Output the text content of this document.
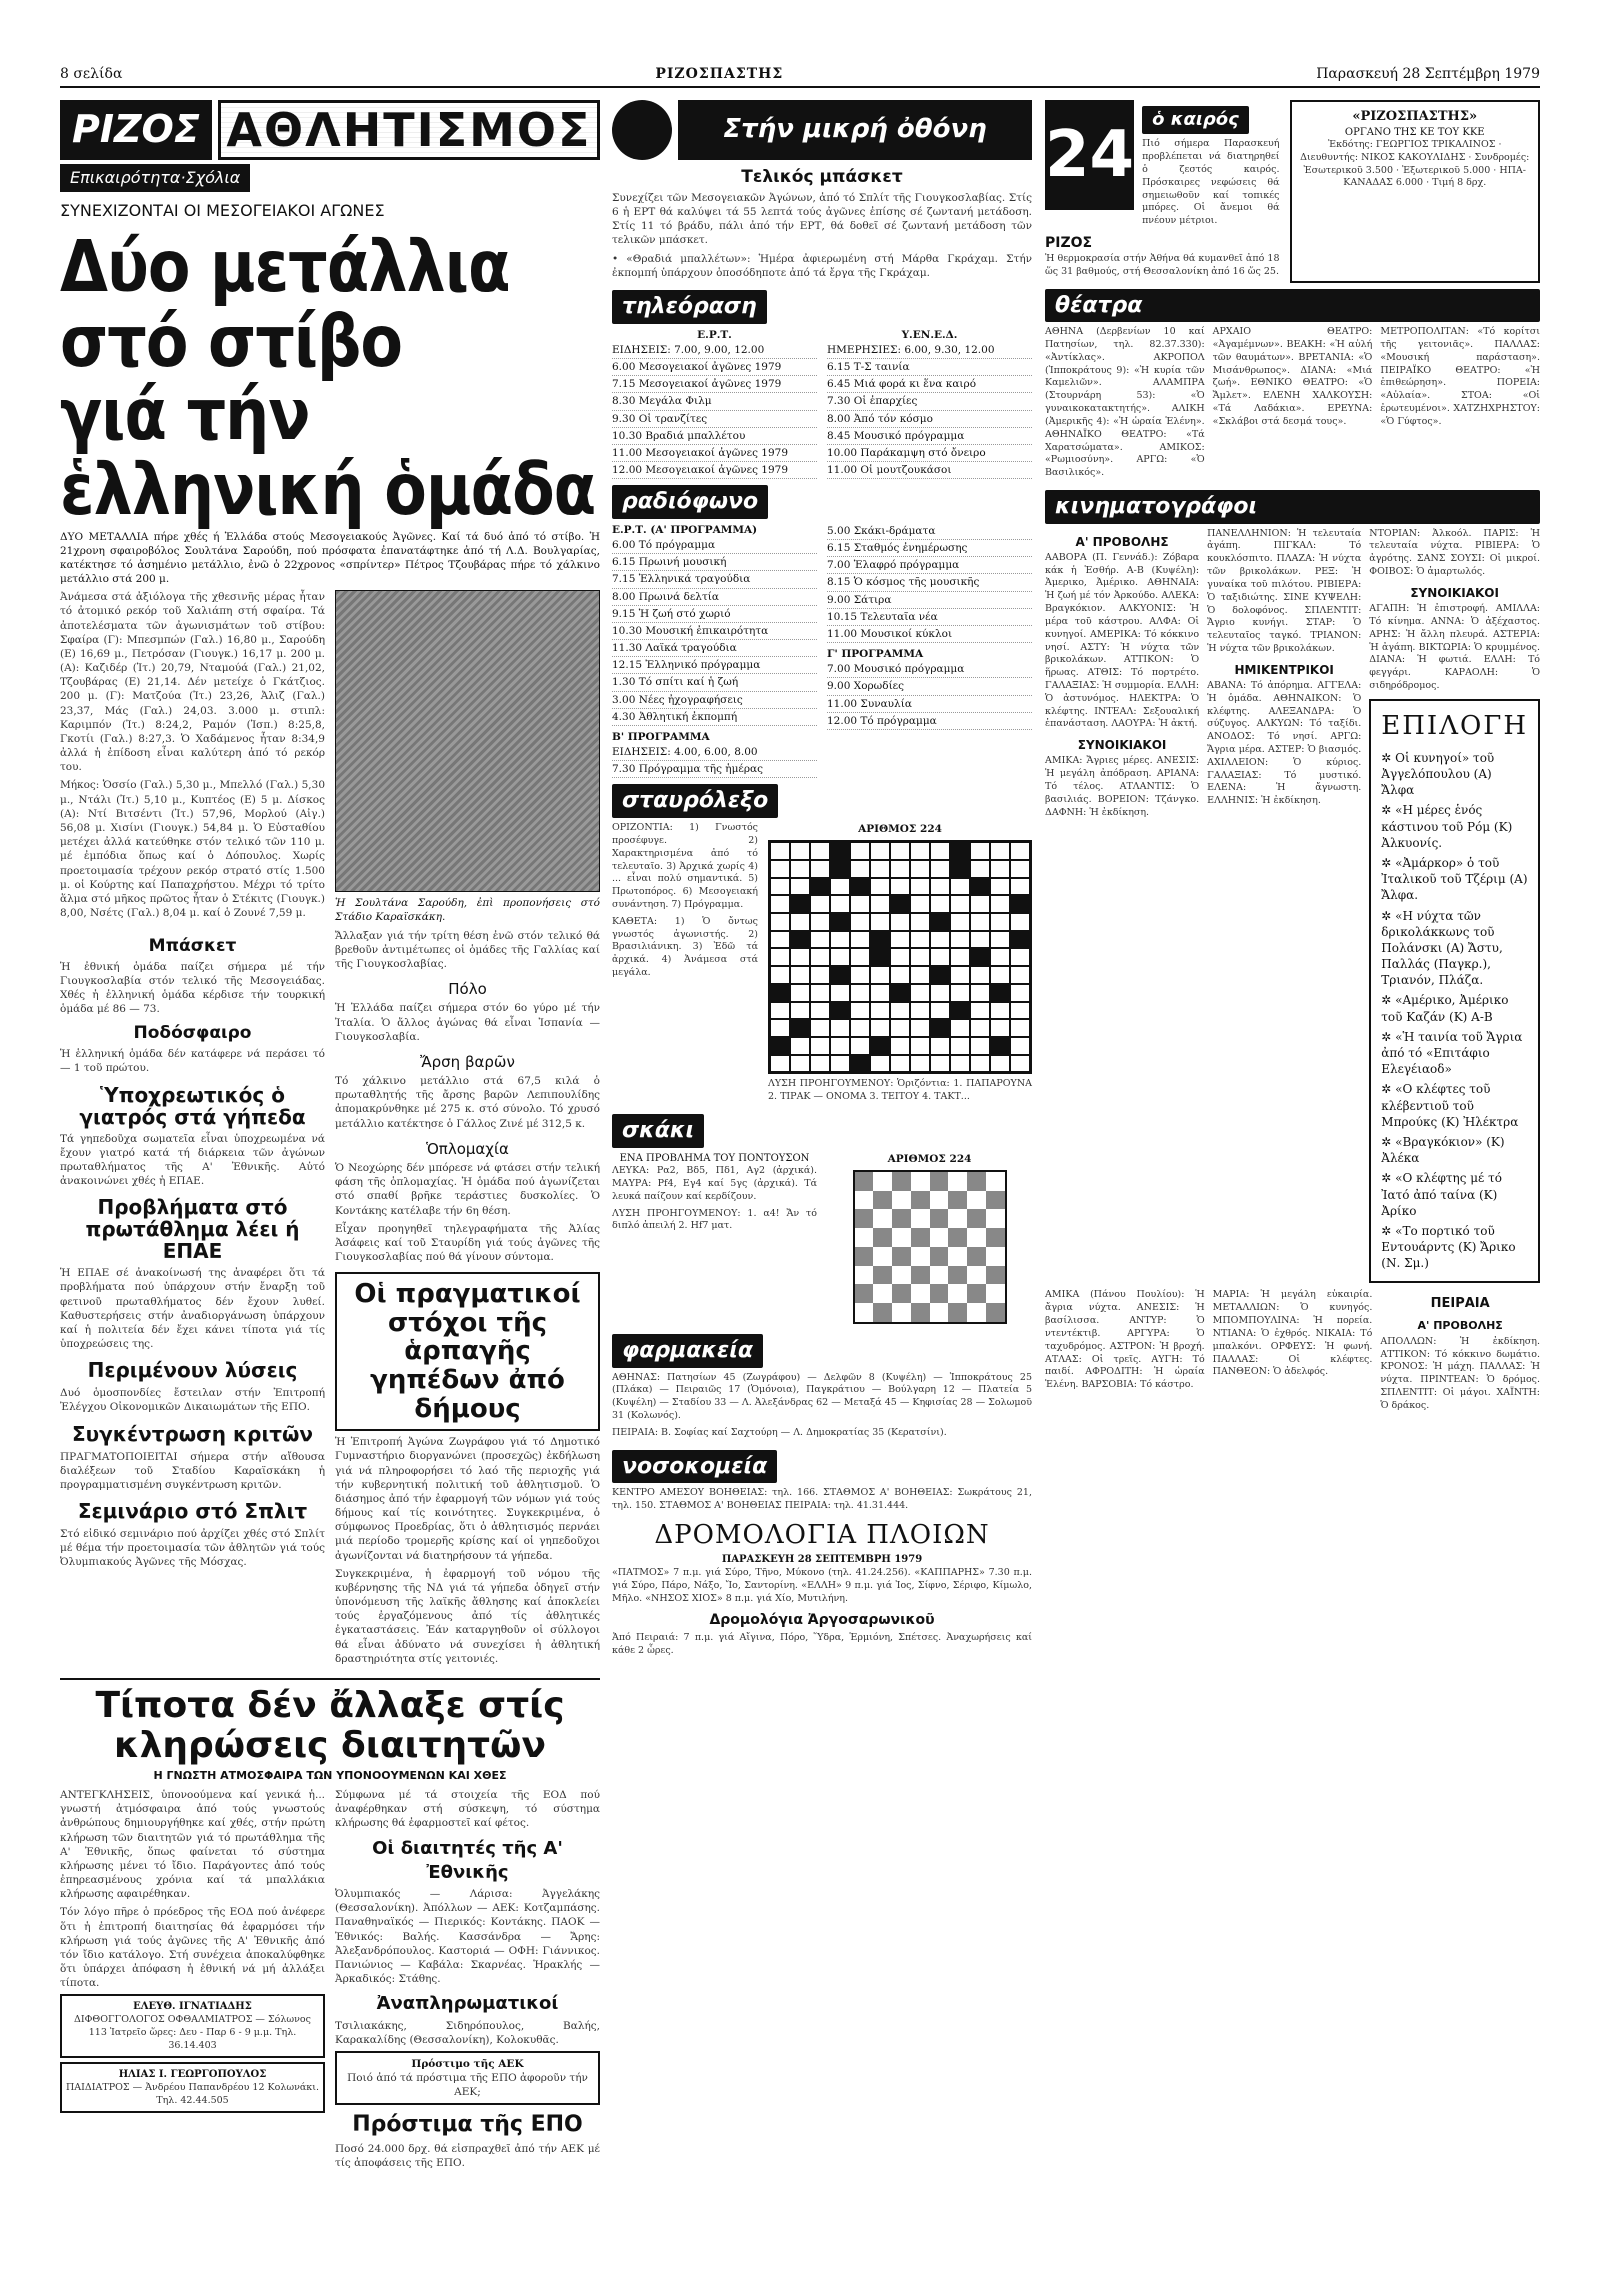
8 σελίδα	ΡΙΖΟΣΠΑΣΤΗΣ	Παρασκευή 28 Σεπτέμβρη 1979
ΡΙΖΟΣ ΑΘΛΗΤΙΣΜΟΣ
Επικαιρότητα·Σχόλια
ΣΥΝΕΧΙΖΟΝΤΑΙ ΟΙ ΜΕΣΟΓΕΙΑΚΟΙ ΑΓΩΝΕΣ
Δύο μετάλλια στό στίβο
γιά τήν ἑλληνική ὁμάδα

ΔΥΟ ΜΕΤΑΛΛΙΑ πήρε χθές ή Ἑλλάδα στούς Μεσογειακούς Ἀγῶνες. Καί τά δυό ἀπό τό στίβο. Ἡ 21χρονη σφαιροβόλος Σουλτάνα Σαρούδη, πού πρόσφατα ἐπανατάφτηκε ἀπό τή Λ.Δ. Βουλγαρίας, κατέκτησε τό ἀσημένιο μετάλλιο, ἐνῶ ὁ 22χρονος «σπρίντερ» Πέτρος Τζουβάρας πήρε τό χάλκινο μετάλλιο στά 200 μ.

Ἀνάμεσα στά ἀξιόλογα τῆς χθεσινῆς μέρας ἦταν τό ἀτομικό ρεκόρ τοῦ Χαλιάπη στή σφαίρα. Τά ἀποτελέσματα τῶν ἀγωνισμάτων τοῦ στίβου: Σφαίρα (Γ): Μπεσμπών (Γαλ.) 16,80 μ., Σαρούδη (Ε) 16,69 μ., Πετρόσαν (Γιουγκ.) 16,17 μ. 200 μ. (Α): Καζιδέρ (Ἰτ.) 20,79, Νταμούά (Γαλ.) 21,02, Τζουβάρας (Ε) 21,14. Δέν μετείχε ὁ Γκάτζιος. 200 μ. (Γ): Ματζούα (Ἰτ.) 23,26, Ἀλιζ (Γαλ.) 23,37, Μάς (Γαλ.) 24,03. 3.000 μ. στιπλ: Καριμπόν (Ἰτ.) 8:24,2, Ραμόν (Ἰσπ.) 8:25,8, Γκοτίι (Γαλ.) 8:27,3. Ὁ Χαδάμενος ἦταν 8:34,9 ἀλλά ἡ ἐπίδοση εἶναι καλύτερη ἀπό τό ρεκόρ του.

Μήκος: Ὁσσίο (Γαλ.) 5,30 μ., Μπελλό (Γαλ.) 5,30 μ., Ντάλι (Ἰτ.) 5,10 μ., Κυπτέος (Ε) 5 μ. Δίσκος (Α): Ντί Βιτσέντι (Ἰτ.) 57,96, Μορλού (Αἰγ.) 56,08 μ. Χισίνι (Γιουγκ.) 54,84 μ. Ὁ Εὐσταθίου μετέχει ἀλλά κατεύθηκε στόν τελικό τῶν 110 μ. μέ ἐμπόδια ὅπως καί ὁ Δόπουλος. Χωρίς προετοιμασία τρέχουν ρεκόρ στρατό στίς 1.500 μ. οἱ Κούρτης καί Παπαχρήστου. Μέχρι τό τρίτο ἅλμα στό μῆκος πρῶτος ἦταν ὁ Στέκιτς (Γιουγκ.) 8,00, Νσέτς (Γαλ.) 8,04 μ. καί ὁ Ζουνέ 7,59 μ.

Ἡ Σουλτάνα Σαρούδη, ἐπὶ προπονήσεις στό Στάδιο Καραϊσκάκη.

Μπάσκετ

Ἡ ἐθνική ὁμάδα παίζει σήμερα μέ τήν Γιουγκοσλαβία στόν τελικό τῆς Μεσογειάδας. Χθές ἡ ἑλληνική ὁμάδα κέρδισε τήν τουρκική ὁμάδα μέ 86 — 73.

Ποδόσφαιρο

Ἡ ἑλληνική ὁμάδα δέν κατάφερε νά περάσει τό — 1 τοῦ πρώτου.

Ὑποχρεωτικός ὁ γιατρός στά γήπεδα

Τά γηπεδοῦχα σωματεῖα εἶναι ὑποχρεωμένα νά ἔχουν γιατρό κατά τή διάρκεια τῶν ἀγώνων πρωταθλήματος τῆς Α' Ἐθνικῆς. Αὐτό ἀνακοινώνει χθές ἡ ΕΠΑΕ.

Προβλήματα στό πρωτάθλημα λέει ή ΕΠΑΕ

Ἡ ΕΠΑΕ σέ ἀνακοίνωσή της ἀναφέρει ὅτι τά προβλήματα πού ὑπάρχουν στήν ἔναρξη τοῦ φετινοῦ πρωταθλήματος δέν ἔχουν λυθεί. Καθυστερήσεις στήν ἀναδιοργάνωση ὑπάρχουν καί ἡ πολιτεία δέν ἔχει κάνει τίποτα γιά τίς ὑποχρεώσεις της.

Περιμένουν λύσεις

Δυό ὁμοσπονδίες ἔστειλαν στήν Ἐπιτροπή Ἐλέγχου Οἰκονομικῶν Δικαιωμάτων τῆς ΕΠΟ.

Συγκέντρωση κριτῶν

ΠΡΑΓΜΑΤΟΠΟΙΕΙΤΑΙ σήμερα στήν αἴθουσα διαλέξεων τοῦ Σταδίου Καραϊσκάκη ἡ προγραμματισμένη συγκέντρωση κριτῶν.

Σεμινάριο στό Σπλιτ

Στό εἰδικό σεμινάριο πού ἀρχίζει χθές στό Σπλίτ μέ θέμα τήν προετοιμασία τῶν ἀθλητῶν γιά τούς Ὀλυμπιακούς Ἀγῶνες τῆς Μόσχας.

Ἄλλαξαν γιά τήν τρίτη θέση ἐνῶ στόν τελικό θά βρεθοῦν ἀντιμέτωπες οἱ ὁμάδες τῆς Γαλλίας καί τῆς Γιουγκοσλαβίας.

Πόλο

Ἡ Ἑλλάδα παίζει σήμερα στόν 6ο γύρο μέ τήν Ἰταλία. Ὁ ἄλλος ἀγώνας θά εἶναι Ἰσπανία — Γιουγκοσλαβία.

Ἄρση βαρῶν

Τό χάλκινο μετάλλιο στά 67,5 κιλά ὁ πρωταθλητής τῆς ἄρσης βαρῶν Λεπιπουλίδης ἀπομακρύνθηκε μέ 275 κ. στό σύνολο. Τό χρυσό μετάλλιο κατέκτησε ὁ Γάλλος Ζινέ μέ 312,5 κ.

Ὁπλομαχία

Ὁ Νεοχώρης δέν μπόρεσε νά φτάσει στήν τελική φάση τῆς ὁπλομαχίας. Ἡ ὁμάδα πού ἀγωνίζεται στό σπαθί βρῆκε τεράστιες δυσκολίες. Ὁ Κοντάκης κατέλαβε τήν 6η θέση.

Εἶχαν προηγηθεῖ τηλεγραφήματα τῆς Ἀλίας Ἀσάφεις καί τοῦ Σταυρίδη γιά τούς ἀγῶνες τῆς Γιουγκοσλαβίας πού θά γίνουν σύντομα.

Οἱ πραγματικοί στόχοι τῆς ἁρπαγῆς γηπέδων ἀπό δήμους

Ἡ Ἐπιτροπή Ἀγώνα Ζωγράφου γιά τό Δημοτικό Γυμναστήριο διοργανώνει (προσεχῶς) ἐκδήλωση γιά νά πληροφορήσει τό λαό τῆς περιοχῆς γιά τήν κυβερνητική πολιτική τοῦ ἀθλητισμοῦ. Ὁ διάσημος ἀπό τήν ἐφαρμογή τῶν νόμων γιά τούς δήμους καί τίς κοινότητες. Συγκεκριμένα, ὁ σύμφωνος Προεδρίας, ὅτι ὁ ἀθλητισμός περνάει μιά περίοδο τρομερῆς κρίσης καί οἱ γηπεδοῦχοι ἀγωνίζονται νά διατηρήσουν τά γήπεδα.

Συγκεκριμένα, ἡ ἐφαρμογή τοῦ νόμου τῆς κυβέρνησης τῆς ΝΔ γιά τά γήπεδα ὁδηγεῖ στήν ὑπονόμευση τῆς λαϊκῆς ἄθλησης καί ἀποκλείει τούς ἐργαζόμενους ἀπό τίς ἀθλητικές ἐγκαταστάσεις. Ἐάν καταργηθοῦν οἱ σύλλογοι θά εἶναι ἀδύνατο νά συνεχίσει ἡ ἀθλητική δραστηριότητα στίς γειτονιές.

Τίποτα δέν ἄλλαξε στίς κληρώσεις διαιτητῶν
Η ΓΝΩΣΤΗ ΑΤΜΟΣΦΑΙΡΑ ΤΩΝ ΥΠΟΝΟΟΥΜΕΝΩΝ ΚΑΙ ΧΘΕΣ

ΑΝΤΕΓΚΛΗΣΕΙΣ, ὑπονοούμενα καί γενικά ἡ... γνωστή ἀτμόσφαιρα ἀπό τούς γνωστούς ἀνθρώπους δημιουργήθηκε καί χθές, στήν πρώτη κλήρωση τῶν διαιτητῶν γιά τό πρωτάθλημα τῆς Α' Ἐθνικῆς, ὅπως φαίνεται τό σύστημα κλήρωσης μένει τό ἴδιο. Παράγοντες ἀπό τούς ἐπηρεασμένους χρόνια καί τά μπαλλάκια κλήρωσης αφαιρέθηκαν.

Τόν λόγο πῆρε ὁ πρόεδρος τῆς ΕΟΔ πού ἀνέφερε ὅτι ἡ ἐπιτροπή διαιτησίας θά ἐφαρμόσει τήν κλήρωση γιά τούς ἀγῶνες τῆς Α' Ἐθνικῆς ἀπό τόν ἴδιο κατάλογο. Στή συνέχεια ἀποκαλύφθηκε ὅτι ὑπάρχει ἀπόφαση ἡ ἐθνική νά μή ἀλλάξει τίποτα.

ΕΛΕΥΘ. ΙΓΝΑΤΙΑΔΗΣ
ΔΙΦΘΟΓΓΟΛΟΓΟΣ ΟΦΘΑΛΜΙΑΤΡΟΣ — Σόλωνος 113 Ἰατρεῖο ὥρες: Δευ - Παρ 6 - 9 μ.μ. Τηλ. 36.14.403
ΗΛΙΑΣ Ι. ΓΕΩΡΓΟΠΟΥΛΟΣ
ΠΑΙΔΙΑΤΡΟΣ — Ἀνδρέου Παπανδρέου 12 Κολωνάκι. Τηλ. 42.44.505

Σύμφωνα μέ τά στοιχεία τῆς ΕΟΔ πού ἀναφέρθηκαν στή σύσκεψη, τό σύστημα κλήρωσης θά ἐφαρμοστεῖ καί φέτος.

Οἱ διαιτητές τῆς Α' Ἐθνικῆς

Ὀλυμπιακός — Λάρισα: Ἀγγελάκης (Θεσσαλονίκη). Ἀπόλλων — ΑΕΚ: Κοτζαμπάσης. Παναθηναϊκός — Πιερικός: Κοντάκης. ΠΑΟΚ — Ἐθνικός: Βαλής. Κασσάνδρα — Ἄρης: Ἀλεξανδρόπουλος. Καστοριά — ΟΦΗ: Γιάννικος. Πανιώνιος — Καβάλα: Σκαρνέας. Ἡρακλής — Ἀρκαδικός: Στάθης.

Ἀναπληρωματικοί

Τσιλιακάκης, Σιδηρόπουλος, Βαλής, Καρακαλίδης (Θεσσαλονίκη), Κολοκυθᾶς.

Πρόστιμο τῆς ΑΕΚ
Ποιό ἀπό τά πρόστιμα τῆς ΕΠΟ ἀφοροῦν τήν ΑΕΚ;
Πρόστιμα τῆς ΕΠΟ

Ποσό 24.000 δρχ. θά εἰσπραχθεῖ ἀπό τήν ΑΕΚ μέ τίς ἀποφάσεις τῆς ΕΠΟ.

Στήν μικρή ὀθόνη
Τελικός μπάσκετ

Συνεχίζει τῶν Μεσογειακῶν Ἀγώνων, ἀπό τό Σπλίτ τῆς Γιουγκοσλαβίας. Στίς 6 ἡ ΕΡΤ θά καλύψει τά 55 λεπτά τούς ἀγῶνες ἐπίσης σέ ζωντανή μετάδοση. Στίς 11 τό βράδυ, πάλι ἀπό τήν ΕΡΤ, θά δοθεῖ σέ ζωντανή μετάδοση τῶν τελικῶν μπάσκετ.

• «Θραδιά μπαλλέτων»: Ἡμέρα ἀφιερωμένη στή Μάρθα Γκράχαμ. Στήν ἐκπομπή ὑπάρχουν ὁποσόδηποτε ἀπό τά ἔργα τῆς Γκράχαμ.

τηλεόραση
Ε.Ρ.Τ.
ΕΙΔΗΣΕΙΣ: 7.00, 9.00, 12.00
6.00 Μεσογειακοί ἀγῶνες 1979
7.15 Μεσογειακοί ἀγῶνες 1979
8.30 Μεγάλα Φιλμ
9.30 Οἱ τρανζίτες
10.30 Βραδιά μπαλλέτου
11.00 Μεσογειακοί ἀγῶνες 1979
12.00 Μεσογειακοί ἀγῶνες 1979
Υ.ΕΝ.Ε.Δ.
ΗΜΕΡΗΣΙΕΣ: 6.00, 9.30, 12.00
6.15 Τ-Σ ταινία
6.45 Μιά φορά κι ἕνα καιρό
7.30 Οἱ ἐπαρχίες
8.00 Ἀπό τόν κόσμο
8.45 Μουσικό πρόγραμμα
10.00 Παράκαμψη στό ὄνειρο
11.00 Οἱ μουτζουκάσοι
ραδιόφωνο
Ε.Ρ.Τ. (Α' ΠΡΟΓΡΑΜΜΑ)
6.00 Τό πρόγραμμα
6.15 Πρωινή μουσική
7.15 Ἐλληνικά τραγούδια
8.00 Πρωινά δελτία
9.15 Ἡ ζωή στό χωριό
10.30 Μουσική ἐπικαιρότητα
11.30 Λαϊκά τραγούδια
12.15 Ἐλληνικό πρόγραμμα
1.30 Τό σπίτι καί ἡ ζωή
3.00 Νέες ἠχογραφήσεις
4.30 Ἀθλητική ἐκπομπή
Β' ΠΡΟΓΡΑΜΜΑ
ΕΙΔΗΣΕΙΣ: 4.00, 6.00, 8.00
7.30 Πρόγραμμα τῆς ἡμέρας
5.00 Σκάκι-δράματα
6.15 Σταθμός ἐνημέρωσης
7.00 Ἐλαφρό πρόγραμμα
8.15 Ὁ κόσμος τῆς μουσικῆς
9.00 Σάτιρα
10.15 Τελευταῖα νέα
11.00 Μουσικοί κύκλοι
Γ' ΠΡΟΓΡΑΜΜΑ
7.00 Μουσικό πρόγραμμα
9.00 Χορωδίες
11.00 Συναυλία
12.00 Τό πρόγραμμα
σταυρόλεξο

ΟΡΙΖΟΝΤΙΑ: 1) Γνωστός προσέφυγε. 2) Χαρακτηρισμένα ἀπό τό τελευταῖο. 3) Ἀρχικά χωρίς 4) ... εἶναι πολύ σημαντικά. 5) Πρωτοπόρος. 6) Μεσογειακή συνάντηση. 7) Πρόγραμμα.

ΚΑΘΕΤΑ: 1) Ὁ ὄντως γνωστός ἀγωνιστής. 2) Βρασιλιάνικη. 3) Ἐδῶ τά ἀρχικά. 4) Ἀνάμεσα στά μεγάλα.

ΑΡΙΘΜΟΣ 224

ΛΥΣΗ ΠΡΟΗΓΟΥΜΕΝΟΥ: Ὁριζόντια: 1. ΠΑΠΑΡΟΥΝΑ 2. ΤΙΡΑΚ — ΟΝΟΜΑ 3. ΤΕΙΤΟΥ 4. ΤΑΚΤ...

σκάκι
ΕΝΑ ΠΡΟΒΛΗΜΑ ΤΟΥ ΠΟΝΤΟΥΣΟΝ

ΛΕΥΚΑ: Ρα2, Βδ5, Πδ1, Αγ2 (ἀρχικά). ΜΑΥΡΑ: Ρf4, Εγ4 καί 5γς (ἀρχικά). Τά λευκά παίζουν καί κερδίζουν.

ΛΥΣΗ ΠΡΟΗΓΟΥΜΕΝΟΥ: 1. α4! Ἄν τό διπλό ἀπειλή 2. Ηf7 ματ.

ΑΡΙΘΜΟΣ 224
φαρμακεία

ΑΘΗΝΑΣ: Πατησίων 45 (Ζωγράφου) — Δελφῶν 8 (Κυψέλη) — Ἱπποκράτους 25 (Πλάκα) — Πειραιῶς 17 (Ὁμόνοια), Παγκράτιου — Βούλγαρη 12 — Πλατεία 5 (Κυψέλη) — Σταδίου 33 — Λ. Ἀλεξάνδρας 62 — Μεταξά 45 — Κηφισίας 28 — Σολωμοῦ 31 (Κολωνός).

ΠΕΙΡΑΙΑ: Β. Σοφίας καί Σαχτούρη — Λ. Δημοκρατίας 35 (Κερατσίνι).

νοσοκομεία

ΚΕΝΤΡΟ ΑΜΕΣΟΥ ΒΟΗΘΕΙΑΣ: τηλ. 166. ΣΤΑΘΜΟΣ Α' ΒΟΗΘΕΙΑΣ: Σωκράτους 21, τηλ. 150. ΣΤΑΘΜΟΣ Α' ΒΟΗΘΕΙΑΣ ΠΕΙΡΑΙΑ: τηλ. 41.31.444.

ΔΡΟΜΟΛΟΓΙΑ ΠΛΟΙΩΝ
ΠΑΡΑΣΚΕΥΗ 28 ΣΕΠΤΕΜΒΡΗ 1979

«ΠΑΤΜΟΣ» 7 π.μ. γιά Σύρο, Τῆνο, Μύκονο (τηλ. 41.24.256). «ΚΑΠΠΑΡΗΣ» 7.30 π.μ. γιά Σύρο, Πάρο, Νάξο, Ἴο, Σαντορίνη. «ΕΛΛΗ» 9 π.μ. γιά Ἰος, Σίφνο, Σέριφο, Κίμωλο, Μῆλο. «ΝΗΣΟΣ ΧΙΟΣ» 8 π.μ. γιά Χίο, Μυτιλήνη.

Δρομολόγια Ἀργοσαρωνικοῦ

Ἀπό Πειραιά: 7 π.μ. γιά Αἴγινα, Πόρο, Ὕδρα, Ἑρμιόνη, Σπέτσες. Ἀναχωρήσεις καί κάθε 2 ὧρες.

24	ὁ καιρός

Πιό σήμερα Παρασκευή προβλέπεται νά διατηρηθεί ὁ ζεστός καιρός. Πρόσκαιρες νεφώσεις θά σημειωθοῦν καί τοπικές μπόρες. Οἱ ἄνεμοι θά πνέουν μέτριοι.

ΡΙΖΟΣ

Ἡ θερμοκρασία στήν Ἀθήνα θά κυμανθεῖ ἀπό 18 ὥς 31 βαθμούς, στή Θεσσαλονίκη ἀπό 16 ὥς 25.

«ΡΙΖΟΣΠΑΣΤΗΣ»
ΟΡΓΑΝΟ ΤΗΣ ΚΕ ΤΟΥ ΚΚΕ

Ἐκδότης: ΓΕΩΡΓΙΟΣ ΤΡΙΚΑΛΙΝΟΣ · Διευθυντής: ΝΙΚΟΣ ΚΑΚΟΥΛΙΔΗΣ · Συνδρομές: Ἐσωτερικοῦ 3.500 · Ἐξωτερικοῦ 5.000 · ΗΠΑ-ΚΑΝΑΔΑΣ 6.000 · Τιμή 8 δρχ.

θέατρα

ΑΘΗΝΑ (Δερβενίων 10 καί Πατησίων, τηλ. 82.37.330): «Ἀντίκλας». ΑΚΡΟΠΟΛ (Ἱπποκράτους 9): «Ἡ κυρία τῶν Καμελιῶν». ΑΛΑΜΠΡΑ (Στουρνάρη 53): «Ὁ γυναικοκατακτητής». ΑΛΙΚΗ (Ἀμερικῆς 4): «Ἡ ὡραία Ἑλένη». ΑΘΗΝΑΪΚΟ ΘΕΑΤΡΟ: «Τά Χαρατσώματα». ΑΜΙΚΟΣ: «Ρωμιοσύνη». ΑΡΓΩ: «Ὁ Βασιλικός».

ΑΡΧΑΙΟ ΘΕΑΤΡΟ: «Ἀγαμέμνων». ΒΕΑΚΗ: «Ἡ αὐλή τῶν θαυμάτων». ΒΡΕΤΑΝΙΑ: «Ὁ Μισάνθρωπος». ΔΙΑΝΑ: «Μιά ζωή». ΕΘΝΙΚΟ ΘΕΑΤΡΟ: «Ὁ Ἄμλετ». ΕΛΕΝΗ ΧΑΛΚΟΥΣΗ: «Τά Λαδάκια». ΕΡΕΥΝΑ: «Σκλάβοι στά δεσμά τους».

ΜΕΤΡΟΠΟΛΙΤΑΝ: «Τό κορίτσι τῆς γειτονιᾶς». ΠΑΛΛΑΣ: «Μουσική παράσταση». ΠΕΙΡΑΪΚΟ ΘΕΑΤΡΟ: «Ἡ ἐπιθεώρηση». ΠΟΡΕΙΑ: «Αὐλαία». ΣΤΟΑ: «Οἱ ἐρωτευμένοι». ΧΑΤΖΗΧΡΗΣΤΟΥ: «Ὁ Γύφτος».

κινηματογράφοι
Α' ΠΡΟΒΟΛΗΣ

ΑΑΒΟΡΑ (Π. Γεννάδ.): Ζόβαρα κάκ ἡ Ἑσθήρ. Α-Β (Κυψέλη): Ἀμερικο, Ἀμέρικο. ΑΘΗΝΑΙΑ: Ἡ ζωή μέ τόν Ἀρκούδο. ΑΛΕΚΑ: Βραγκόκιον. ΑΛΚΥΟΝΙΣ: Ἡ μέρα τοῦ κάστρου. ΑΛΦΑ: Οἱ κυνηγοί. ΑΜΕΡΙΚΑ: Τό κόκκινο νησί. ΑΣΤΥ: Ἡ νύχτα τῶν βρικολάκων. ΑΤΤΙΚΟΝ: Ὁ ἥρωας. ΑΤΘΙΣ: Τό πορτρέτο. ΓΑΛΑΞΙΑΣ: Ἡ συμμορία. ΕΛΛΗ: Ὁ ἀστυνόμος. ΗΛΕΚΤΡΑ: Ὁ κλέφτης. ΙΝΤΕΑΛ: Σεξουαλική ἐπανάσταση. ΛΑΟΥΡΑ: Ἡ ἀκτή.

ΣΥΝΟΙΚΙΑΚΟΙ

ΑΜΙΚΑ: Ἄγριες μέρες. ΑΝΕΣΙΣ: Ἡ μεγάλη ἀπόδραση. ΑΡΙΑΝΑ: Τό τέλος. ΑΤΛΑΝΤΙΣ: Ὁ βασιλιάς. ΒΟΡΕΙΟΝ: Τζάνγκο. ΔΑΦΝΗ: Ἡ ἐκδίκηση.

ΠΑΝΕΛΛΗΝΙΟΝ: Ἡ τελευταία ἀγάπη. ΠΙΓΚΑΛ: Τό κουκλόσπιτο. ΠΛΑΖΑ: Ἡ νύχτα τῶν βρικολάκων. ΡΕΞ: Ἡ γυναίκα τοῦ πιλότου. ΡΙΒΙΕΡΑ: Ὁ ταξιδιώτης. ΣΙΝΕ ΚΥΨΕΛΗ: Ὁ δολοφόνος. ΣΠΛΕΝΤΙΤ: Ἄγριο κυνήγι. ΣΤΑΡ: Ὁ τελευταῖος ταγκό. ΤΡΙΑΝΟΝ: Ἡ νύχτα τῶν βρικολάκων.

ΗΜΙΚΕΝΤΡΙΚΟΙ

ΑΒΑΝΑ: Τό ἀπόρημα. ΑΓΓΕΛΑ: Ἡ ὁμάδα. ΑΘΗΝΑΙΚΟΝ: Ὁ κλέφτης. ΑΛΕΞΑΝΔΡΑ: Ὁ σύζυγος. ΑΛΚΥΩΝ: Τό ταξίδι. ΑΝΟΔΟΣ: Τό νησί. ΑΡΓΩ: Ἄγρια μέρα. ΑΣΤΕΡ: Ὁ βιασμός. ΑΧΙΛΛΕΙΟΝ: Ὁ κύριος. ΓΑΛΑΞΙΑΣ: Τό μυστικό. ΕΛΕΝΑ: Ἡ ἄγνωστη. ΕΛΛΗΝΙΣ: Ἡ ἐκδίκηση.

ΝΤΟΡΙΑΝ: Ἀλκοόλ. ΠΑΡΙΣ: Ἡ τελευταία νύχτα. ΡΙΒΙΕΡΑ: Ὁ ἀγρότης. ΣΑΝΣ ΣΟΥΣΙ: Οἱ μικροί. ΦΟΙΒΟΣ: Ὁ ἀμαρτωλός.

ΣΥΝΟΙΚΙΑΚΟΙ

ΑΓΑΠΗ: Ἡ ἐπιστροφή. ΑΜΙΛΛΑ: Τό κίνημα. ΑΝΝΑ: Ὁ ἀξέχαστος. ΑΡΗΣ: Ἡ ἄλλη πλευρά. ΑΣΤΕΡΙΑ: Ἡ ἀγάπη. ΒΙΚΤΩΡΙΑ: Ὁ κρυμμένος. ΔΙΑΝΑ: Ἡ φωτιά. ΕΛΛΗ: Τό φεγγάρι. ΚΑΡΑΟΛΗ: Ὁ σιδηρόδρομος.

ΕΠΙΛΟΓΗ
✲ Οἱ κυνηγοί» τοῦ Ἀγγελόπουλου (Α) Ἄλφα
✲ «Η μέρες ἑνός κάστινου τοῦ Ρόμ (Κ) Ἀλκυονίς.
✲ «Ἀμάρκορ» ὁ τοῦ Ἰταλικοῦ τοῦ Τζέριμ (Α) Ἄλφα.
✲ «Η νύχτα τῶν δρικολάκκωνς τοῦ Πολάνσκι (Α) Ἄστυ, Παλλάς (Παγκρ.), Τριανόν, Πλάζα.
✲ «Αμέρικο, Ἀμέρικο τοῦ Καζάν (Κ) Α-Β
✲ «Ἡ ταινία τοῦ Ἄγρια ἀπό τό «Επιτάφιο Ελεγέιαοδ»
✲ «Ο κλέφτες τοῦ κλέβεντιοῦ τοῦ Μπρούκς (Κ) Ἠλέκτρα
✲ «Βραγκόκιον» (Κ) Ἀλέκα
✲ «Ο κλέφτης μέ τό Ἰατό ἀπό ταίνα (Κ) Ἀρίκο
✲ «Το πορτικό τοῦ Εντουάρντς (Κ) Ἄρικο (Ν. Σμ.)

ΑΜΙΚΑ (Πάνου Πουλίου): Ἡ ἄγρια νύχτα. ΑΝΕΣΙΣ: Ἡ βασίλισσα. ΑΝΤΥΡ: Ὁ ντεντέκτιβ. ΑΡΓΥΡΑ: Ὁ ταχυδρόμος. ΑΣΤΡΟΝ: Ἡ βροχή. ΑΤΛΑΣ: Οἱ τρεῖς. ΑΥΓΗ: Τό παιδί. ΑΦΡΟΔΙΤΗ: Ἡ ὡραία Ἑλένη. ΒΑΡΣΟΒΙΑ: Τό κάστρο.

ΜΑΡΙΑ: Ἡ μεγάλη εὐκαιρία. ΜΕΤΑΛΛΙΩΝ: Ὁ κυνηγός. ΜΠΟΜΠΟΥΛΙΝΑ: Ἡ πορεία. ΝΤΙΑΝΑ: Ὁ ἐχθρός. ΝΙΚΑΙΑ: Τό μπαλκόνι. ΟΡΦΕΥΣ: Ἡ φωνή. ΠΑΛΛΑΣ: Οἱ κλέφτες. ΠΑΝΘΕΟΝ: Ὁ ἀδελφός.

ΠΕΙΡΑΙΑ
Α' ΠΡΟΒΟΛΗΣ

ΑΠΟΛΛΩΝ: Ἡ ἐκδίκηση. ΑΤΤΙΚΟΝ: Τό κόκκινο δωμάτιο. ΚΡΟΝΟΣ: Ἡ μάχη. ΠΑΛΛΑΣ: Ἡ νύχτα. ΠΡΙΝΤΕΑΝ: Ὁ δρόμος. ΣΠΛΕΝΤΙΤ: Οἱ μάγοι. ΧΑΪΝΤΗ: Ὁ δράκος.
